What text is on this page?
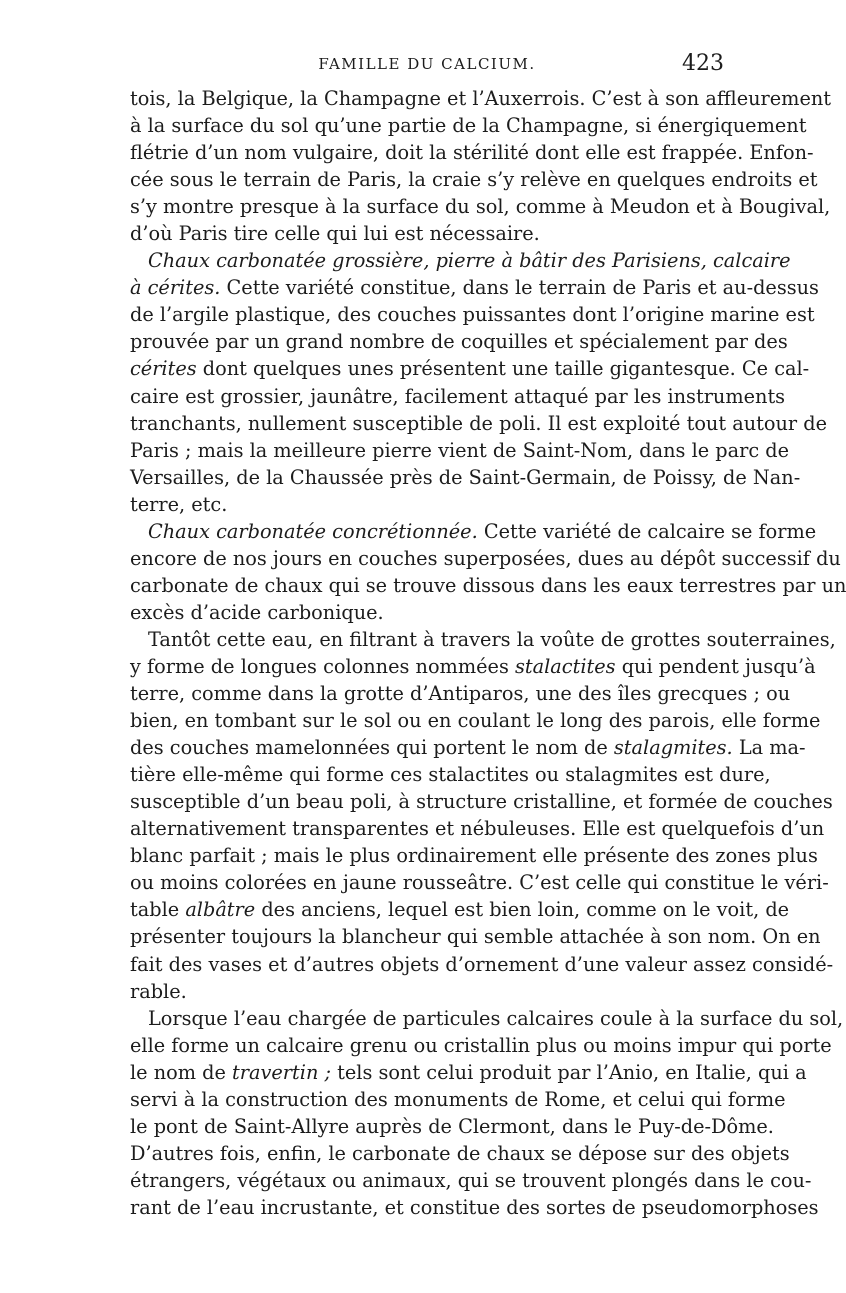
FAMILLE DU CALCIUM.	423
tois, la Belgique, la Champagne et l’Auxerrois. C’est à son affleurement
à la surface du sol qu’une partie de la Champagne, si énergiquement
flétrie d’un nom vulgaire, doit la stérilité dont elle est frappée. Enfon-
cée sous le terrain de Paris, la craie s’y relève en quelques endroits et
s’y montre presque à la surface du sol, comme à Meudon et à Bougival,
d’où Paris tire celle qui lui est nécessaire.
Chaux carbonatée grossière, pierre à bâtir des Parisiens, calcaire
à cérites. Cette variété constitue, dans le terrain de Paris et au-dessus
de l’argile plastique, des couches puissantes dont l’origine marine est
prouvée par un grand nombre de coquilles et spécialement par des
cérites dont quelques unes présentent une taille gigantesque. Ce cal-
caire est grossier, jaunâtre, facilement attaqué par les instruments
tranchants, nullement susceptible de poli. Il est exploité tout autour de
Paris ; mais la meilleure pierre vient de Saint-Nom, dans le parc de
Versailles, de la Chaussée près de Saint-Germain, de Poissy, de Nan-
terre, etc.
Chaux carbonatée concrétionnée. Cette variété de calcaire se forme
encore de nos jours en couches superposées, dues au dépôt successif du
carbonate de chaux qui se trouve dissous dans les eaux terrestres par un
excès d’acide carbonique.
Tantôt cette eau, en filtrant à travers la voûte de grottes souterraines,
y forme de longues colonnes nommées stalactites qui pendent jusqu’à
terre, comme dans la grotte d’Antiparos, une des îles grecques ; ou
bien, en tombant sur le sol ou en coulant le long des parois, elle forme
des couches mamelonnées qui portent le nom de stalagmites. La ma-
tière elle-même qui forme ces stalactites ou stalagmites est dure,
susceptible d’un beau poli, à structure cristalline, et formée de couches
alternativement transparentes et nébuleuses. Elle est quelquefois d’un
blanc parfait ; mais le plus ordinairement elle présente des zones plus
ou moins colorées en jaune rousseâtre. C’est celle qui constitue le véri-
table albâtre des anciens, lequel est bien loin, comme on le voit, de
présenter toujours la blancheur qui semble attachée à son nom. On en
fait des vases et d’autres objets d’ornement d’une valeur assez considé-
rable.
Lorsque l’eau chargée de particules calcaires coule à la surface du sol,
elle forme un calcaire grenu ou cristallin plus ou moins impur qui porte
le nom de travertin ; tels sont celui produit par l’Anio, en Italie, qui a
servi à la construction des monuments de Rome, et celui qui forme
le pont de Saint-Allyre auprès de Clermont, dans le Puy-de-Dôme.
D’autres fois, enfin, le carbonate de chaux se dépose sur des objets
étrangers, végétaux ou animaux, qui se trouvent plongés dans le cou-
rant de l’eau incrustante, et constitue des sortes de pseudomorphoses
